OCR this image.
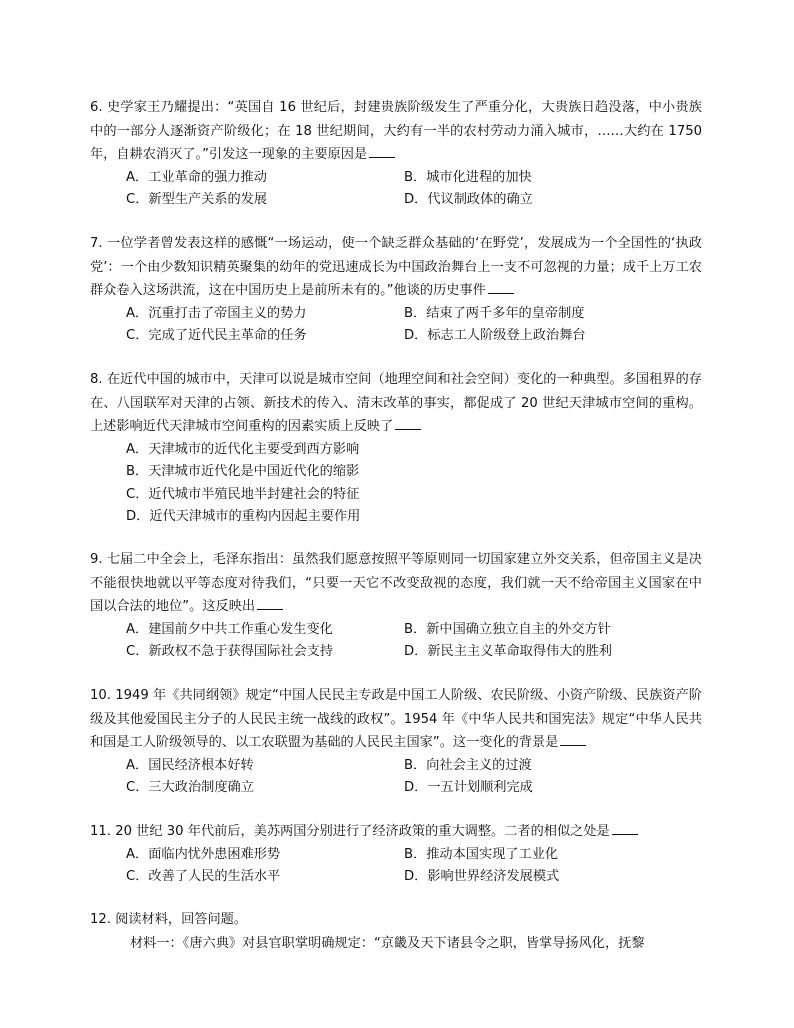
6. 史学家王乃耀提出：“英国自 16 世纪后，封建贵族阶级发生了严重分化，大贵族日趋没落，中小贵族中的一部分人逐渐资产阶级化；在 18 世纪期间，大约有一半的农村劳动力涌入城市，……大约在 1750 年，自耕农消灭了。”引发这一现象的主要原因是

A．工业革命的强力推动	B．城市化进程的加快
C．新型生产关系的发展	D．代议制政体的确立

7. 一位学者曾发表这样的感慨“一场运动，使一个缺乏群众基础的‘在野党’，发展成为一个全国性的‘执政党’：一个由少数知识精英聚集的幼年的党迅速成长为中国政治舞台上一支不可忽视的力量；成千上万工农群众卷入这场洪流，这在中国历史上是前所未有的。”他谈的历史事件

A．沉重打击了帝国主义的势力	B．结束了两千多年的皇帝制度
C．完成了近代民主革命的任务	D．标志工人阶级登上政治舞台

8. 在近代中国的城市中，天津可以说是城市空间（地理空间和社会空间）变化的一种典型。多国租界的存在、八国联军对天津的占领、新技术的传入、清末改革的事实，都促成了 20 世纪天津城市空间的重构。上述影响近代天津城市空间重构的因素实质上反映了

A．天津城市的近代化主要受到西方影响
B．天津城市近代化是中国近代化的缩影
C．近代城市半殖民地半封建社会的特征
D．近代天津城市的重构内因起主要作用

9. 七届二中全会上，毛泽东指出：虽然我们愿意按照平等原则同一切国家建立外交关系，但帝国主义是决不能很快地就以平等态度对待我们，“只要一天它不改变敌视的态度，我们就一天不给帝国主义国家在中国以合法的地位”。这反映出

A．建国前夕中共工作重心发生变化	B．新中国确立独立自主的外交方针
C．新政权不急于获得国际社会支持	D．新民主主义革命取得伟大的胜利

10. 1949 年《共同纲领》规定“中国人民民主专政是中国工人阶级、农民阶级、小资产阶级、民族资产阶级及其他爱国民主分子的人民民主统一战线的政权”。1954 年《中华人民共和国宪法》规定“中华人民共和国是工人阶级领导的、以工农联盟为基础的人民民主国家”。这一变化的背景是

A．国民经济根本好转	B．向社会主义的过渡
C．三大政治制度确立	D．一五计划顺利完成

11. 20 世纪 30 年代前后，美苏两国分别进行了经济政策的重大调整。二者的相似之处是

A．面临内忧外患困难形势	B．推动本国实现了工业化
C．改善了人民的生活水平	D．影响世界经济发展模式
12. 阅读材料，回答问题。
材料一：《唐六典》对县官职掌明确规定：“京畿及天下诸县令之职，皆掌导扬风化，抚黎
